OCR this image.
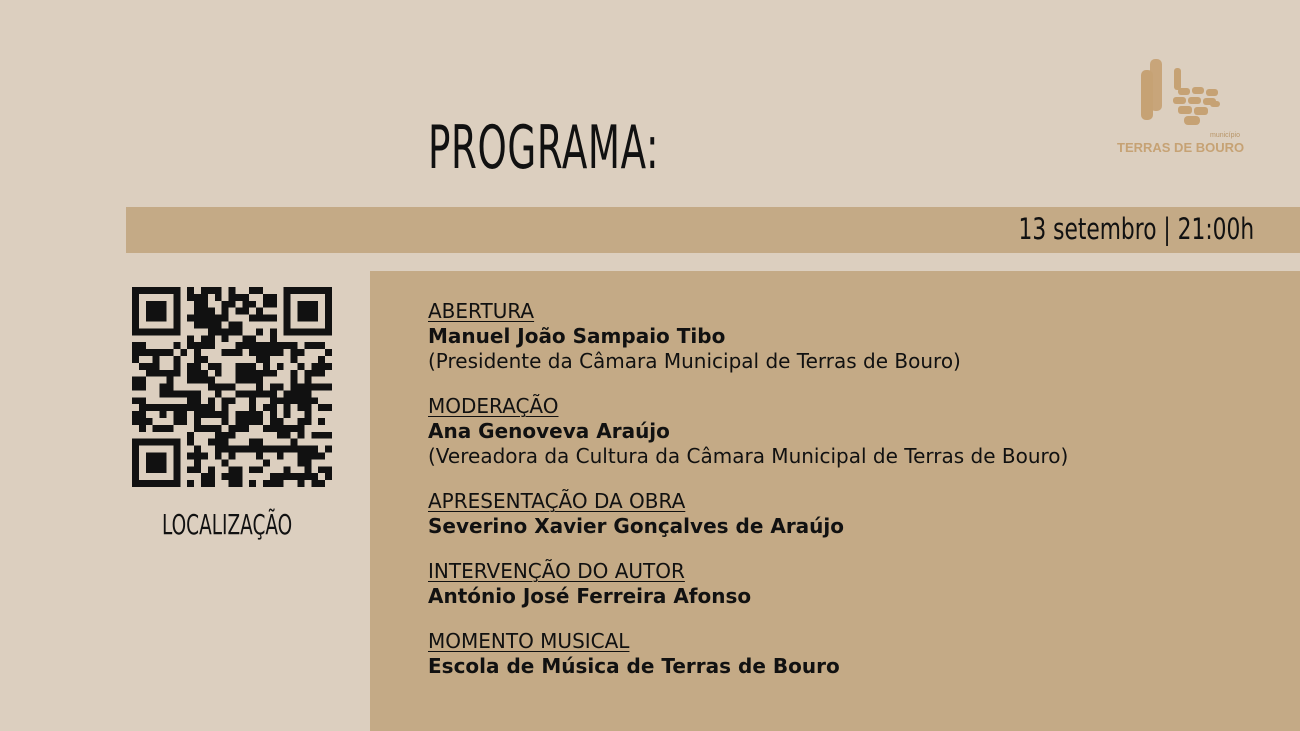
PROGRAMA:	município
TERRAS DE BOURO
13 setembro | 21:00h
LOCALIZAÇÃO
ABERTURA
Manuel João Sampaio Tibo
(Presidente da Câmara Municipal de Terras de Bouro)
MODERAÇÃO
Ana Genoveva Araújo
(Vereadora da Cultura da Câmara Municipal de Terras de Bouro)
APRESENTAÇÃO DA OBRA
Severino Xavier Gonçalves de Araújo
INTERVENÇÃO DO AUTOR
António José Ferreira Afonso
MOMENTO MUSICAL
Escola de Música de Terras de Bouro
